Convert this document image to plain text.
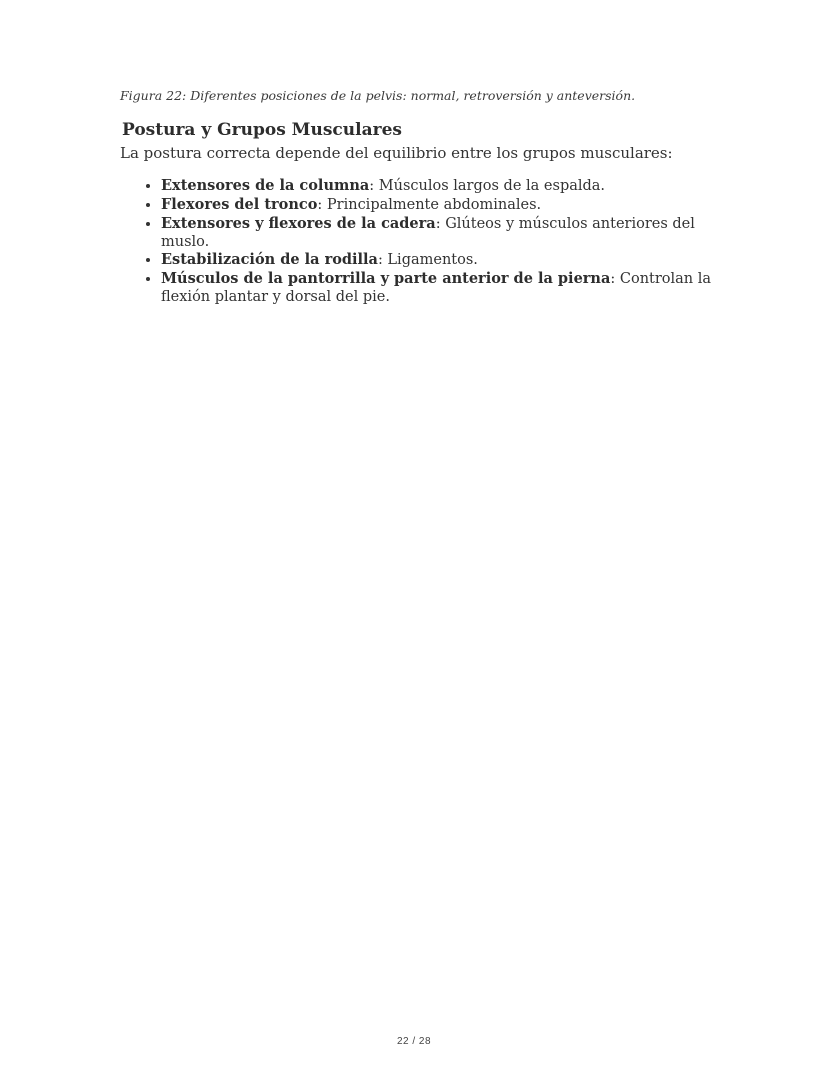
Figura 22: Diferentes posiciones de la pelvis: normal, retroversión y anteversión.

Postura y Grupos Musculares

La postura correcta depende del equilibrio entre los grupos musculares:

• Extensores de la columna: Músculos largos de la espalda.
• Flexores del tronco: Principalmente abdominales.
• Extensores y flexores de la cadera: Glúteos y músculos anteriores del muslo.
• Estabilización de la rodilla: Ligamentos.
• Músculos de la pantorrilla y parte anterior de la pierna: Controlan la flexión plantar y dorsal del pie.
22 / 28
